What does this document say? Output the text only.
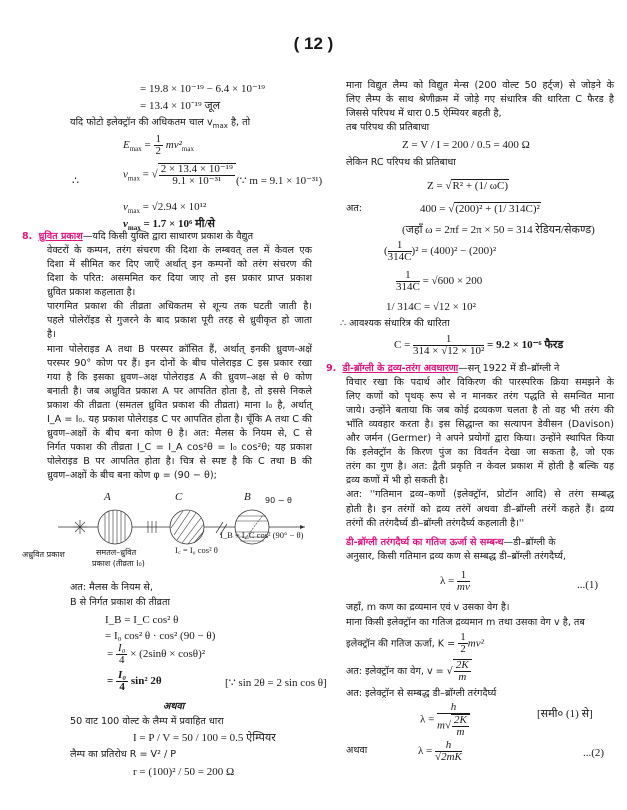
( 12 )
= 19.8 × 10⁻¹⁹ − 6.4 × 10⁻¹⁹
= 13.4 × 10⁻¹⁹ जूल
यदि फोटो इलेक्ट्रॉन की अधिकतम चाल $v_{max}$ है, तो
$E_{max} = \frac{1}{2} mv^2_{max}$
∴
$v_{max}$ = √ $\frac{\text{2 × 13.4 × 10⁻¹⁹}}{\text{9.1 × 10⁻³¹}}$ (∵ m = 9.1 × 10⁻³¹)
$v_{max} = √2.94 \times 10^{12}$
$v_{max} = 1.7 \times 10^6$ मी/से
8. ध्रुवित प्रकाश—यदि किसी युक्ति द्वारा साधारण प्रकाश के वैद्युत
वेक्टरों के कम्पन, तरंग संचरण की दिशा के लम्बवत् तल में केवल एक
दिशा में सीमित कर दिए जाएँ अर्थात् इन कम्पनों को तरंग संचरण की
दिशा के परित: असममित कर दिया जाए तो इस प्रकार प्राप्त प्रकाश
ध्रुवित प्रकाश कहलाता है।
पारगमित प्रकाश की तीव्रता अधिकतम से शून्य तक घटती जाती है।
पहले पोलेरॉइड से गुजरने के बाद प्रकाश पूरी तरह से ध्रुवीकृत हो जाता
है।
माना पोलेराइड A तथा B परस्पर क्रॉसित हैं, अर्थात् इनकी ध्रुवण-अक्षें
परस्पर 90° कोण पर हैं। इन दोनों के बीच पोलेराइड C इस प्रकार रखा
गया है कि इसका ध्रुवण–अक्ष पोलेराइड A की ध्रुवण–अक्ष से θ कोण
बनाती है। जब अध्रुवित प्रकाश A पर आपतित होता है, तो इससे निकले
प्रकाश की तीव्रता (समतल ध्रुवित प्रकाश की तीव्रता) माना I₀ है, अर्थात्
I_A = I₀. यह प्रकाश पोलेराइड C पर आपतित होता है। चूँकि A तथा C की
ध्रुवण–अक्षों के बीच बना कोण θ है। अत: मैलस के नियम से, C से
निर्गत पकाश की तीव्रता I_C = I_A cos²θ = I₀ cos²θ; यह प्रकाश
पोलेराइड B पर आपतित होता है। चित्र से स्पष्ट है कि C तथा B की
ध्रुवण–अक्षों के बीच बना कोण φ = (90 − θ);
A	C	B 90 − θ
अध्रुवित प्रकाश	समतल–ध्रुवित
प्रकाश (तीव्रता I₀)
I꜀ = I₀ cos² θ
I_B = I_C cos² (90° − θ)
अत: मैलस के नियम से,
B से निर्गत प्रकाश की तीव्रता
I_B = I_C cos² θ
= I₀ cos² θ · cos² (90 − θ)
= $\frac{\text{I₀}}{4} \times (2\sin\theta \times \cos\theta)^2$
= $\frac{\text{I₀}}{4} \sin^2$ 2θ	[∵ sin 2θ = 2 sin cos θ]
अथवा
50 वाट 100 वोल्ट के लैम्प में प्रवाहित धारा
I = P / V = 50 / 100 = 0.5 ऐम्पियर
लैम्प का प्रतिरोध R = V² / P
r = (100)² / 50 = 200 Ω
माना विद्युत लैम्प को विद्युत मेन्स (200 वोल्ट 50 हर्ट्ज) से जोड़ने के
लिए लैम्प के साथ श्रेणीक्रम में जोड़े गए संधारित्र की धारिता C फैरड है
जिससे परिपथ में धारा 0.5 ऐम्पियर बहती है,
तब परिपथ की प्रतिबाधा
Z = V / I = 200 / 0.5 = 400 Ω
लेकिन RC परिपथ की प्रतिबाधा
Z = √R² + (1/ ωC)
अत:	400 = √(200)² + (1/ 314C)²
(जहाँ ω = 2πf = 2π × 50 = 314 रेडियन/सेकण्ड)
( $\frac{1}{314C} )^2 = (400)^2 - (200)^2$
$\frac{1}{314C} = √600 \times 200$
1/ 314C = √12 × 10²
∴ आवश्यक संधारित्र की धारिता
$C = \frac{1}{\text{314 × √12 × 10²}} = 9.2 \times 10^{-6}$ फैरड
9. डी-ब्रॉग्ली के द्रव्य-तरंग अवधारणा—सन् 1922 में डी–ब्रॉग्ली ने
विचार रखा कि पदार्थ और विकिरण की पारस्परिक क्रिया समझने के
लिए कणों को पृथक् रूप से न मानकर तरंग पद्धति से समन्वित माना
जाये। उन्होंने बताया कि जब कोई द्रव्यकण चलता है तो वह भी तरंग की
भाँति व्यवहार करता है। इस सिद्धान्त का सत्यापन डेवीसन (Davison)
और जर्मन (Germer) ने अपने प्रयोगों द्वारा किया। उन्होंने स्थापित किया
कि इलेक्ट्रॉन के किरण पुंज का विवर्तन देखा जा सकता है, जो एक
तरंग का गुण है। अत: द्वैती प्रकृति न केवल प्रकाश में होती है बल्कि यह
द्रव्य कणों में भी हो सकती है।
अत: ''गतिमान द्रव्य–कणों (इलेक्ट्रॉन, प्रोटॉन आदि) से तरंग सम्बद्ध
होती है। इन तरंगों को द्रव्य तरंगें अथवा डी–ब्रॉग्ली तरंगें कहते हैं। द्रव्य
तरंगों की तरंगदैर्घ्य डी–ब्रॉग्ली तरंगदैर्घ्य कहलाती है।''
डी-ब्रॉग्ली तरंगदैर्घ्य का गतिज ऊर्जा से सम्बन्ध—डी–ब्रॉग्ली के
अनुसार, किसी गतिमान द्रव्य कण से सम्बद्ध डी–ब्रॉग्ली तरंगदैर्घ्य,
$\lambda = \frac{1}{mv}$	...(1)
जहाँ, m कण का द्रव्यमान एवं v उसका वेग है।
माना किसी इलेक्ट्रॉन का गतिज द्रव्यमान m तथा उसका वेग v है, तब
इलेक्ट्रॉन की गतिज ऊर्जा, $K = \frac{1}{2} mv^2$
अत: इलेक्ट्रॉन का वेग, v = √ $\frac{2K}{m}$
अत: इलेक्ट्रॉन से सम्बद्ध डी–ब्रॉग्ली तरंगदैर्घ्य
$\lambda = \frac{h}{m√ \frac{2K}{m}}$	[समी० (1) से]
अथवा	$\lambda = \frac{h}{√2mK}$	...(2)
